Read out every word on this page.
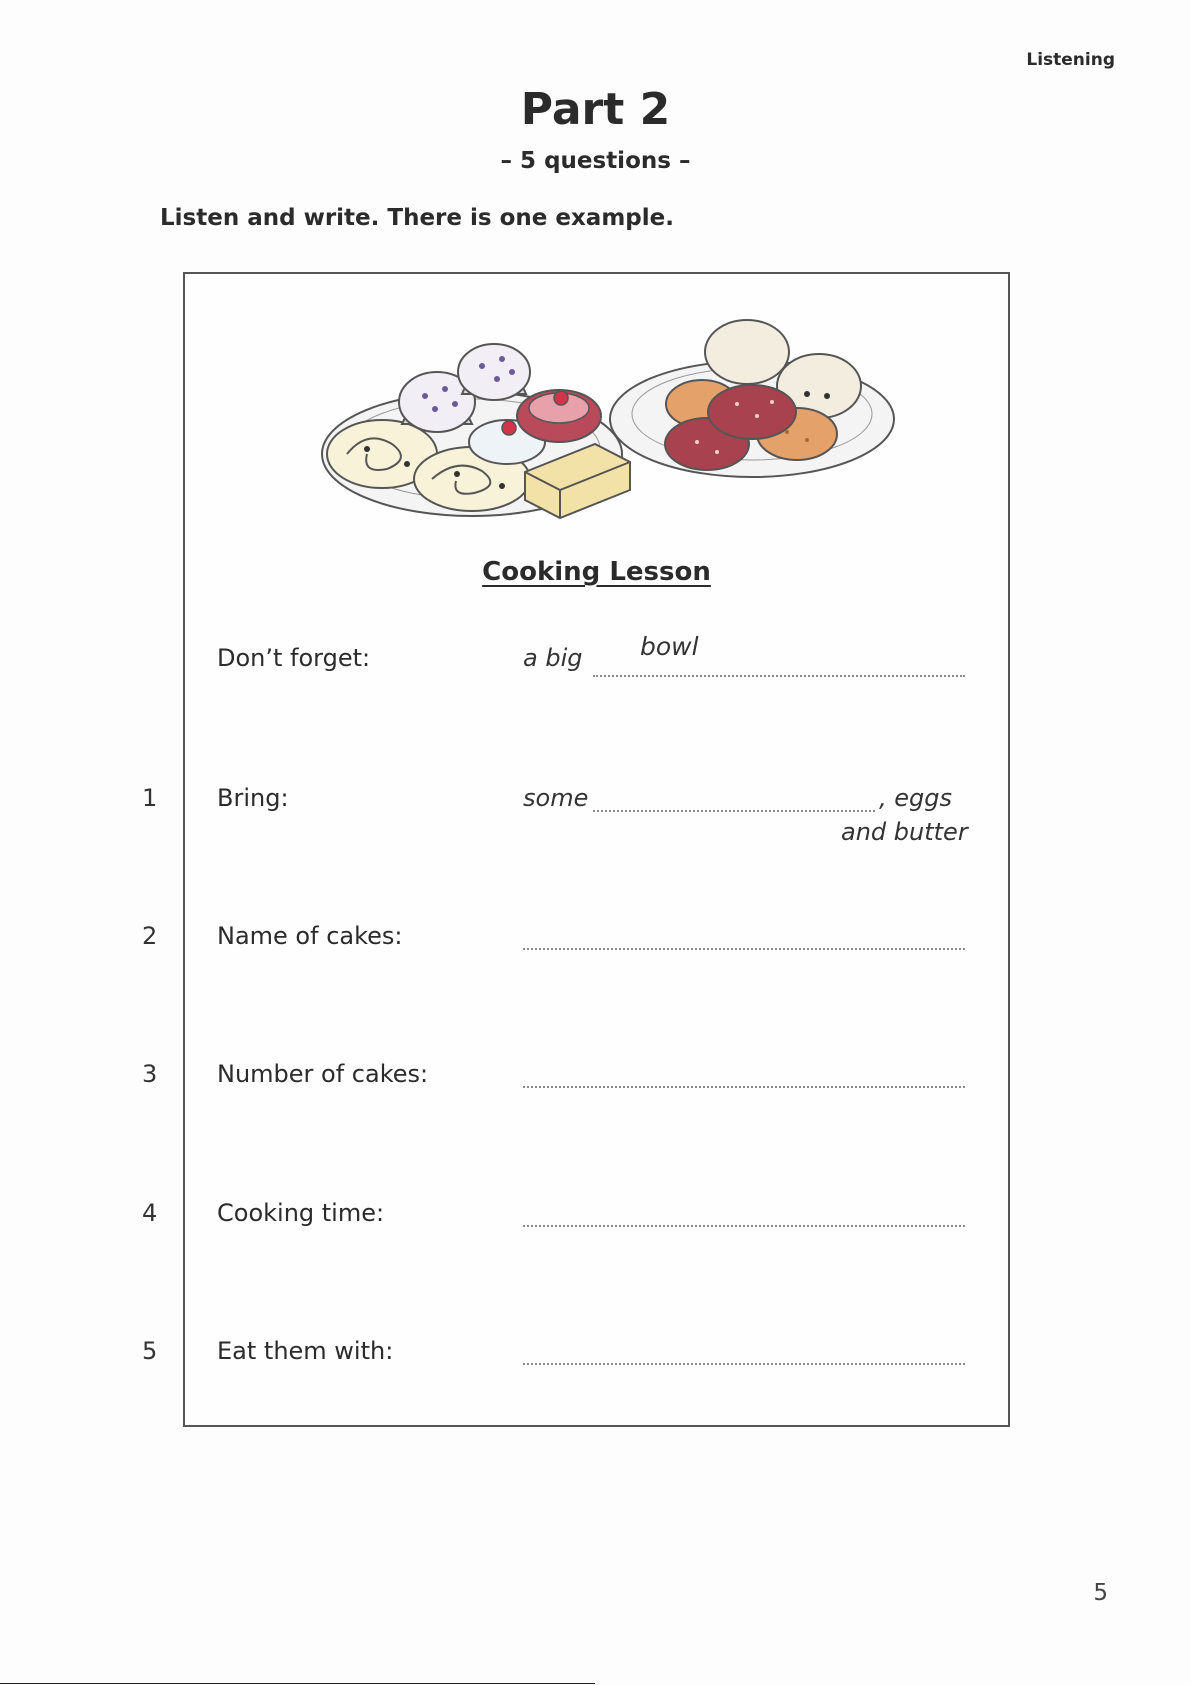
Listening
Part 2
– 5 questions –
Listen and write. There is one example.
Cooking Lesson
Don’t forget:	a big bowl
1 Bring:	some	, eggs
and butter
2 Name of cakes:
3 Number of cakes:
4 Cooking time:
5 Eat them with:
5
